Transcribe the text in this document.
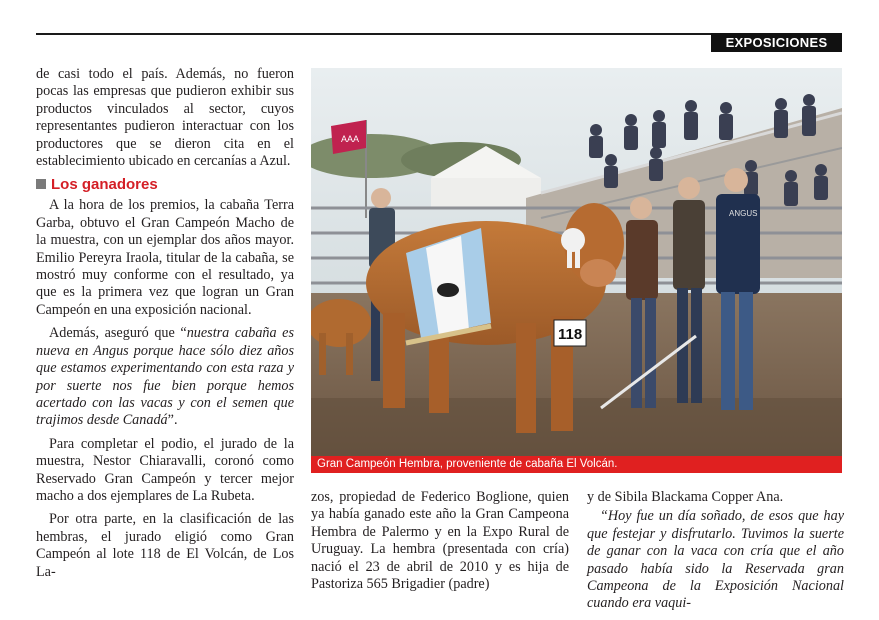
EXPOSICIONES

de casi todo el país. Además, no fueron pocas las empresas que pudieron exhibir sus productos vinculados al sector, cuyos representantes pudieron interactuar con los productores que se dieron cita en el establecimiento ubicado en cercanías a Azul.

Los ganadores

A la hora de los premios, la cabaña Terra Garba, obtuvo el Gran Campeón Macho de la muestra, con un ejemplar dos años mayor. Emilio Pereyra Iraola, titular de la cabaña, se mostró muy conforme con el resultado, ya que es la primera vez que logran un Gran Campeón en una exposición nacional.

Además, aseguró que “nuestra cabaña es nueva en Angus porque hace sólo diez años que estamos experimentando con esta raza y por suerte nos fue bien porque hemos acertado con las vacas y con el semen que trajimos desde Canadá”.

Para completar el podio, el jurado de la muestra, Nestor Chiaravalli, coronó como Reservado Gran Campeón y tercer mejor macho a dos ejemplares de La Rubeta.

Por otra parte, en la clasificación de las hembras, el jurado eligió como Gran Campeón al lote 118 de El Volcán, de Los La-

AAA
118
ANGUS
Gran Campeón Hembra, proveniente de cabaña El Volcán.

zos, propiedad de Federico Boglione, quien ya había ganado este año la Gran Campeona Hembra de Palermo y en la Expo Rural de Uruguay. La hembra (presentada con cría) nació el 23 de abril de 2010 y es hija de Pastoriza 565 Brigadier (padre)

y de Sibila Blackama Copper Ana.

“Hoy fue un día soñado, de esos que hay que festejar y disfrutarlo. Tuvimos la suerte de ganar con la vaca con cría que el año pasado había sido la Reservada gran Campeona de la Exposición Nacional cuando era vaqui-
